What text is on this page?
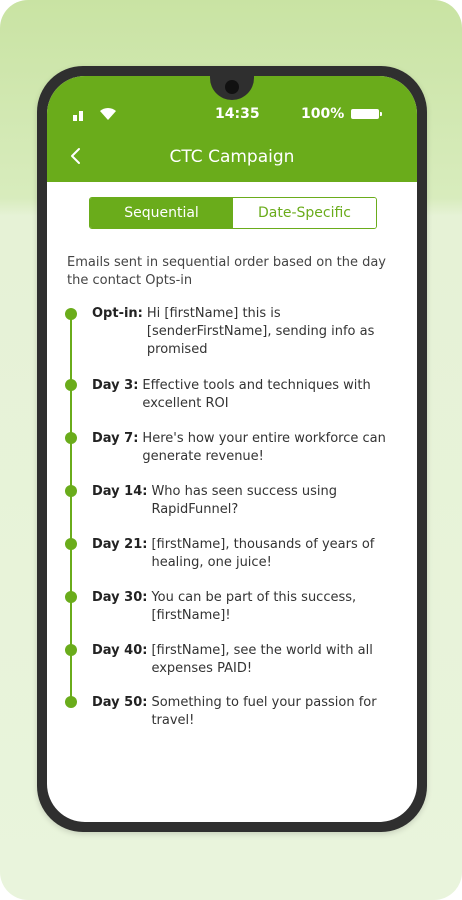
14:35	100%
CTC Campaign
Sequential	Date-Specific
Emails sent in sequential order based on the day the contact Opts-in
Opt-in: Hi [firstName] this is [senderFirstName], sending info as promised
Day 3: Effective tools and techniques with excellent ROI
Day 7: Here's how your entire workforce can generate revenue!
Day 14: Who has seen success using RapidFunnel?
Day 21: [firstName], thousands of years of healing, one juice!
Day 30: You can be part of this success, [firstName]!
Day 40: [firstName], see the world with all expenses PAID!
Day 50: Something to fuel your passion for travel!
